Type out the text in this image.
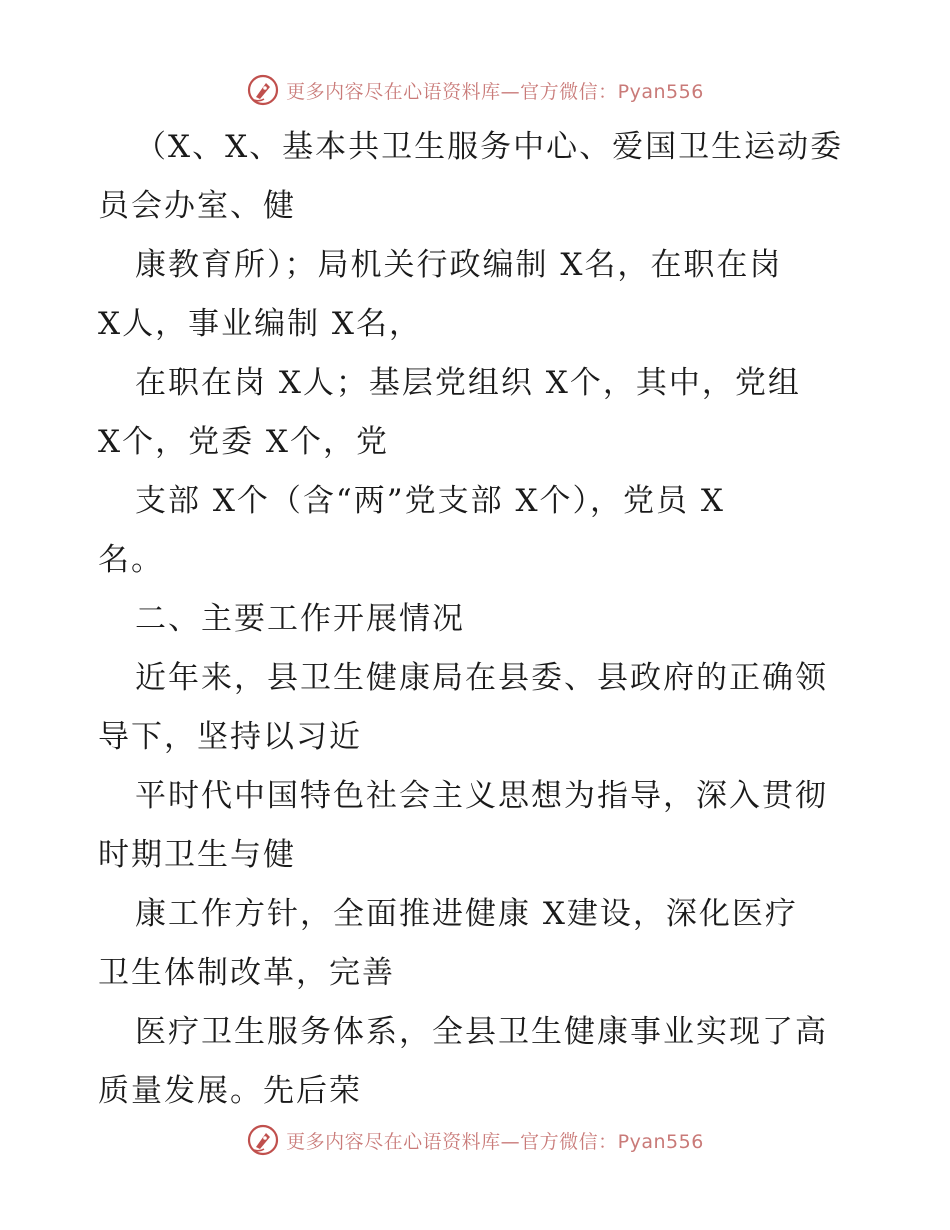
更多内容尽在心语资料库—官方微信：Pyan556
（X、X、基本共卫生服务中心、爱国卫生运动委
员会办室、健
康教育所）；局机关行政编制 X名，在职在岗
X人，事业编制 X名，
在职在岗 X人；基层党组织 X个，其中，党组
X个，党委 X个，党
支部 X个（含“两”党支部 X个），党员 X
名。
二、主要工作开展情况
近年来，县卫生健康局在县委、县政府的正确领
导下，坚持以习近
平时代中国特色社会主义思想为指导，深入贯彻
时期卫生与健
康工作方针，全面推进健康 X建设，深化医疗
卫生体制改革，完善
医疗卫生服务体系，全县卫生健康事业实现了高
质量发展。先后荣
更多内容尽在心语资料库—官方微信：Pyan556
